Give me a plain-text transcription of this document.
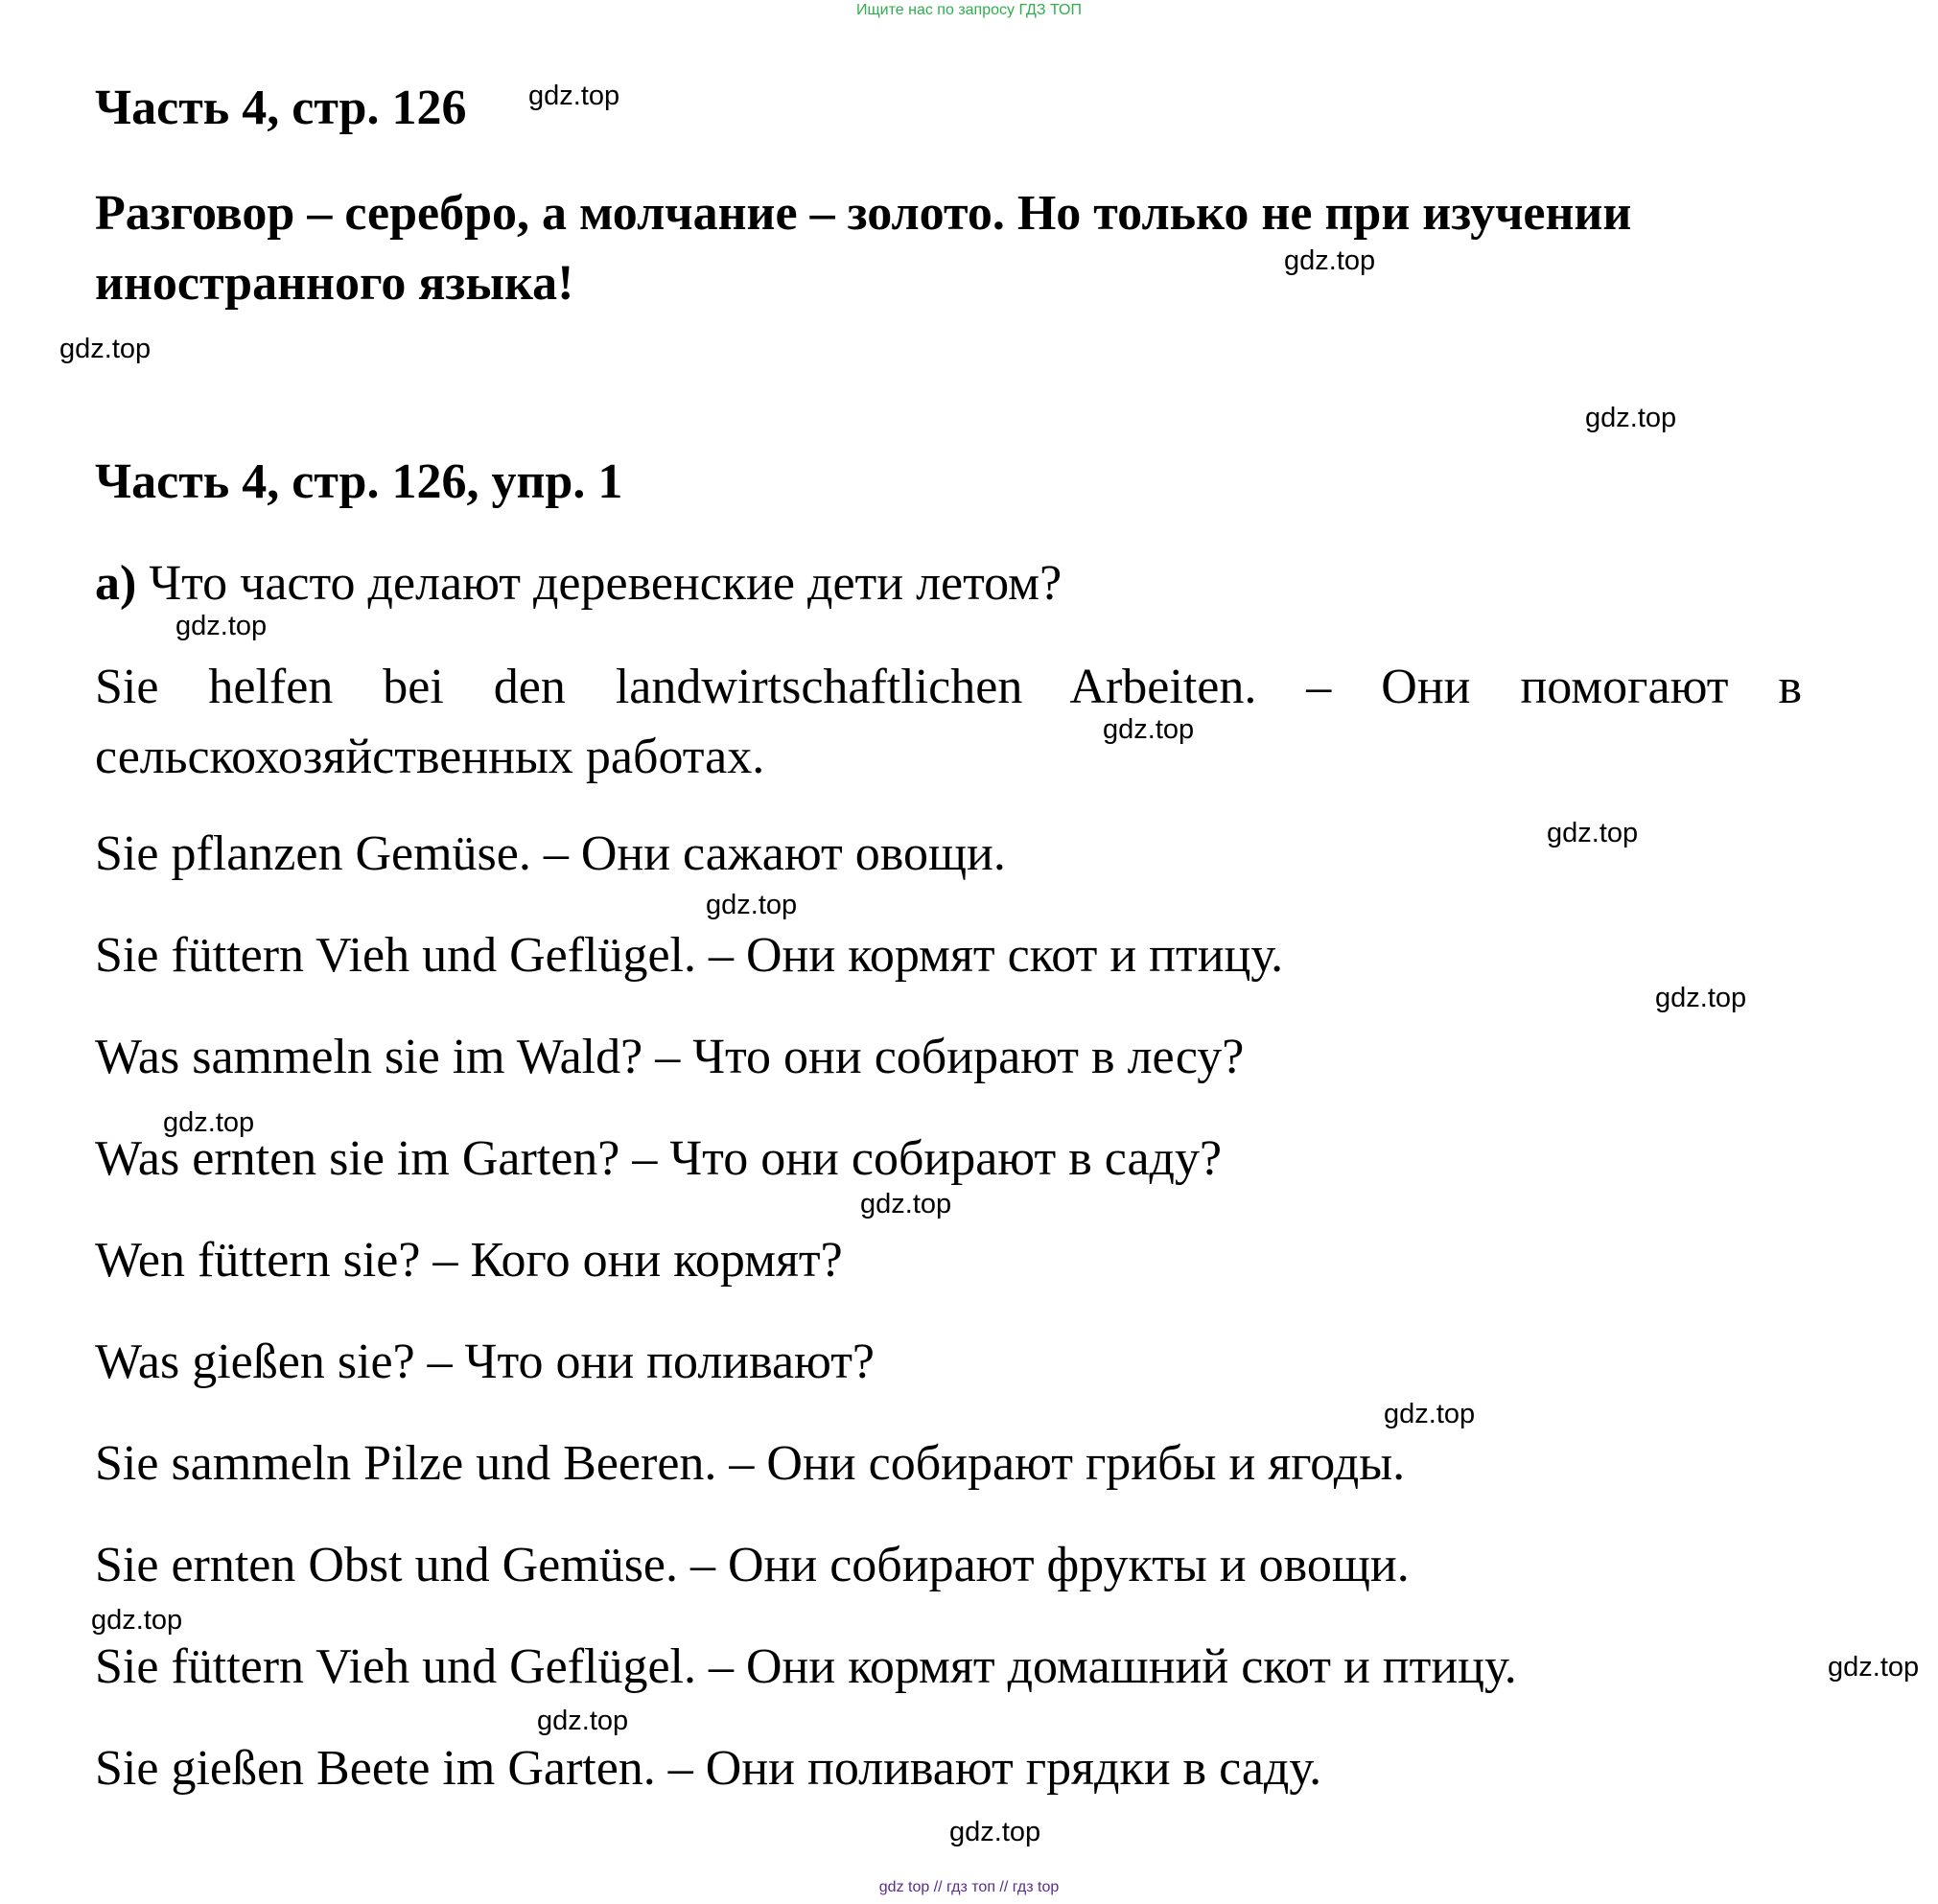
Ищите нас по запросу ГДЗ ТОП
Часть 4, стр. 126

Разговор – серебро, а молчание – золото. Но только не при изучении иностранного языка!

Часть 4, стр. 126, упр. 1

а) Что часто делают деревенские дети летом?

Sie helfen bei den landwirtschaftlichen Arbeiten. – Они помогают в сельскохозяйственных работах.

Sie pflanzen Gemüse. – Они сажают овощи.

Sie füttern Vieh und Geflügel. – Они кормят скот и птицу.

Was sammeln sie im Wald? – Что они собирают в лесу?

Was ernten sie im Garten? – Что они собирают в саду?

Wen füttern sie? – Кого они кормят?

Was gießen sie? – Что они поливают?

Sie sammeln Pilze und Beeren. – Они собирают грибы и ягоды.

Sie ernten Obst und Gemüse. – Они собирают фрукты и овощи.

Sie füttern Vieh und Geflügel. – Они кормят домашний скот и птицу.

Sie gießen Beete im Garten. – Они поливают грядки в саду.

gdz.top
gdz.top
gdz.top
gdz.top
gdz.top
gdz.top
gdz.top
gdz.top
gdz.top
gdz.top
gdz.top
gdz.top
gdz.top
gdz.top
gdz.top
gdz.top
gdz top // гдз топ // гдз top
